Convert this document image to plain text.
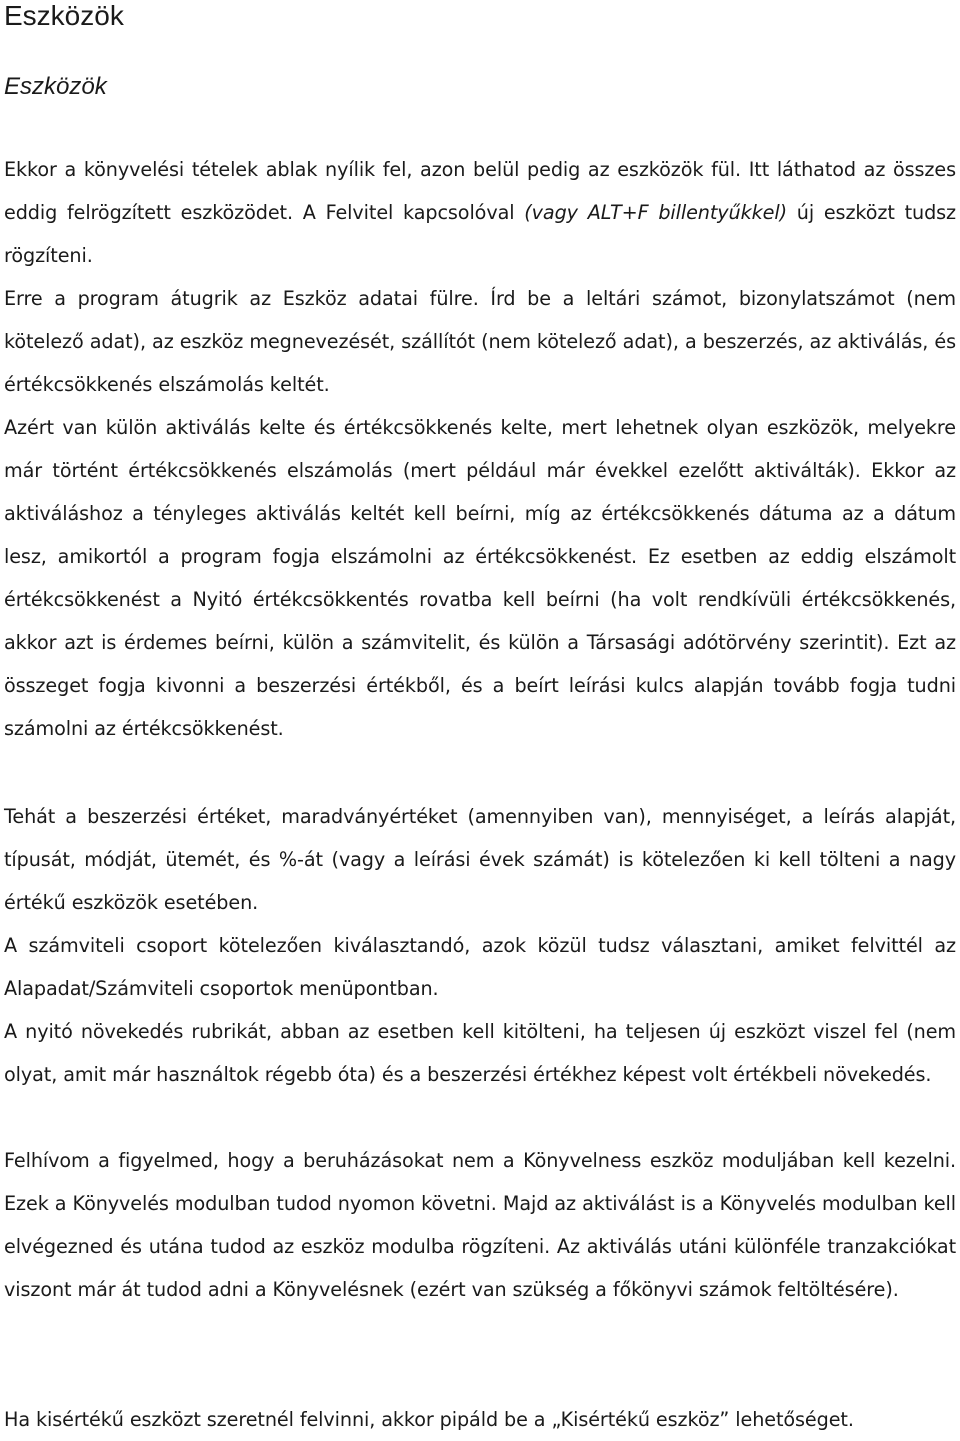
Eszközök
Eszközök

Ekkor a könyvelési tételek ablak nyílik fel, azon belül pedig az eszközök fül. Itt láthatod az összes eddig felrögzített eszközödet. A Felvitel kapcsolóval (vagy ALT+F billentyűkkel) új eszközt tudsz rögzíteni.

Erre a program átugrik az Eszköz adatai fülre. Írd be a leltári számot, bizonylatszámot (nem kötelező adat), az eszköz megnevezését, szállítót (nem kötelező adat), a beszerzés, az aktiválás, és értékcsökkenés elszámolás keltét.

Azért van külön aktiválás kelte és értékcsökkenés kelte, mert lehetnek olyan eszközök, melyekre már történt értékcsökkenés elszámolás (mert például már évekkel ezelőtt aktiválták). Ekkor az aktiváláshoz a tényleges aktiválás keltét kell beírni, míg az értékcsökkenés dátuma az a dátum lesz, amikortól a program fogja elszámolni az értékcsökkenést. Ez esetben az eddig elszámolt értékcsökkenést a Nyitó értékcsökkentés rovatba kell beírni (ha volt rendkívüli értékcsökkenés, akkor azt is érdemes beírni, külön a számvitelit, és külön a Társasági adótörvény szerintit). Ezt az összeget fogja kivonni a beszerzési értékből, és a beírt leírási kulcs alapján tovább fogja tudni számolni az értékcsökkenést.

Tehát a beszerzési értéket, maradványértéket (amennyiben van), mennyiséget, a leírás alapját, típusát, módját, ütemét, és %-át (vagy a leírási évek számát) is kötelezően ki kell tölteni a nagy értékű eszközök esetében.

A számviteli csoport kötelezően kiválasztandó, azok közül tudsz választani, amiket felvittél az Alapadat/Számviteli csoportok menüpontban.

A nyitó növekedés rubrikát, abban az esetben kell kitölteni, ha teljesen új eszközt viszel fel (nem olyat, amit már használtok régebb óta) és a beszerzési értékhez képest volt értékbeli növekedés.

Felhívom a figyelmed, hogy a beruházásokat nem a Könyvelness eszköz moduljában kell kezelni. Ezek a Könyvelés modulban tudod nyomon követni. Majd az aktiválást is a Könyvelés modulban kell elvégezned és utána tudod az eszköz modulba rögzíteni. Az aktiválás utáni különféle tranzakciókat viszont már át tudod adni a Könyvelésnek (ezért van szükség a főkönyvi számok feltöltésére).

Ha kisértékű eszközt szeretnél felvinni, akkor pipáld be a „Kisértékű eszköz” lehetőséget.
